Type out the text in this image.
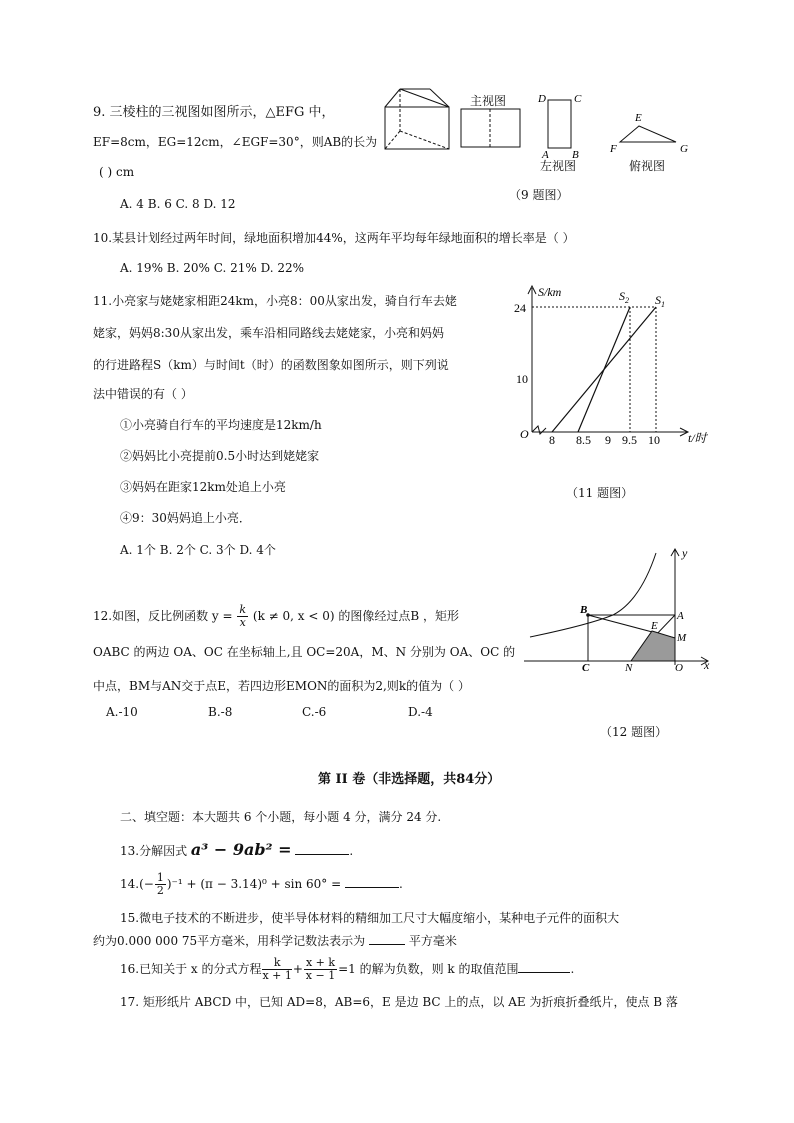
9. 三棱柱的三视图如图所示，△EFG 中，
EF=8cm，EG=12cm，∠EGF=30°，则AB的长为
( ) cm
A. 4 B. 6 C. 8 D. 12
主视图	D	C
A B
左视图
E
F	G
俯视图
（9 题图）
10.某县计划经过两年时间，绿地面积增加44%，这两年平均每年绿地面积的增长率是（ ）
A. 19% B. 20% C. 21% D. 22%
11.小亮家与姥姥家相距24km，小亮8：00从家出发，骑自行车去姥
姥家，妈妈8:30从家出发，乘车沿相同路线去姥姥家，小亮和妈妈
的行进路程S（km）与时间t（时）的函数图象如图所示，则下列说
法中错误的有（ ）
①小亮骑自行车的平均速度是12km/h
②妈妈比小亮提前0.5小时达到姥姥家
③妈妈在距家12km处追上小亮
④9：30妈妈追上小亮．
A. 1个 B. 2个 C. 3个 D. 4个
S/km
t/时
O
24
10
8 8.5 9 9.5 10
$S_2$ $S_1$
（11 题图）
12.如图，反比例函数 $y = \frac{k}{x} (k \ne 0$, x < 0) 的图像经过点B ，矩形
OABC 的两边 OA、OC 在坐标轴上,且 OC=20A，M、N 分别为 OA、OC 的
中点，BM与AN交于点E，若四边形EMON的面积为2,则k的值为（ ）
A.-10	B.-8	C.-6	D.-4
y
x
B	A
E
M
C	N	O
（12 题图）
第 II 卷（非选择题，共84分）
二、填空题：本大题共 6 个小题，每小题 4 分，满分 24 分.
13.分解因式 a³ − 9ab² =	.
$14.(- \frac{1}{2} )^{-1} + (\pi - 3.14)^0 + \sin 60^\circ$ =	.
15.微电子技术的不断进步，使半导体材料的精细加工尺寸大幅度缩小，某种电子元件的面积大
约为0.000 000 75平方毫米，用科学记数法表示为	平方毫米
16.已知关于 x 的分式方程 $\frac{k}{x + 1} + \frac{x + k}{x - 1} =1$ 的解为负数，则 k 的取值范围	.
17. 矩形纸片 ABCD 中，已知 AD=8，AB=6，E 是边 BC 上的点，以 AE 为折痕折叠纸片，使点 B 落
